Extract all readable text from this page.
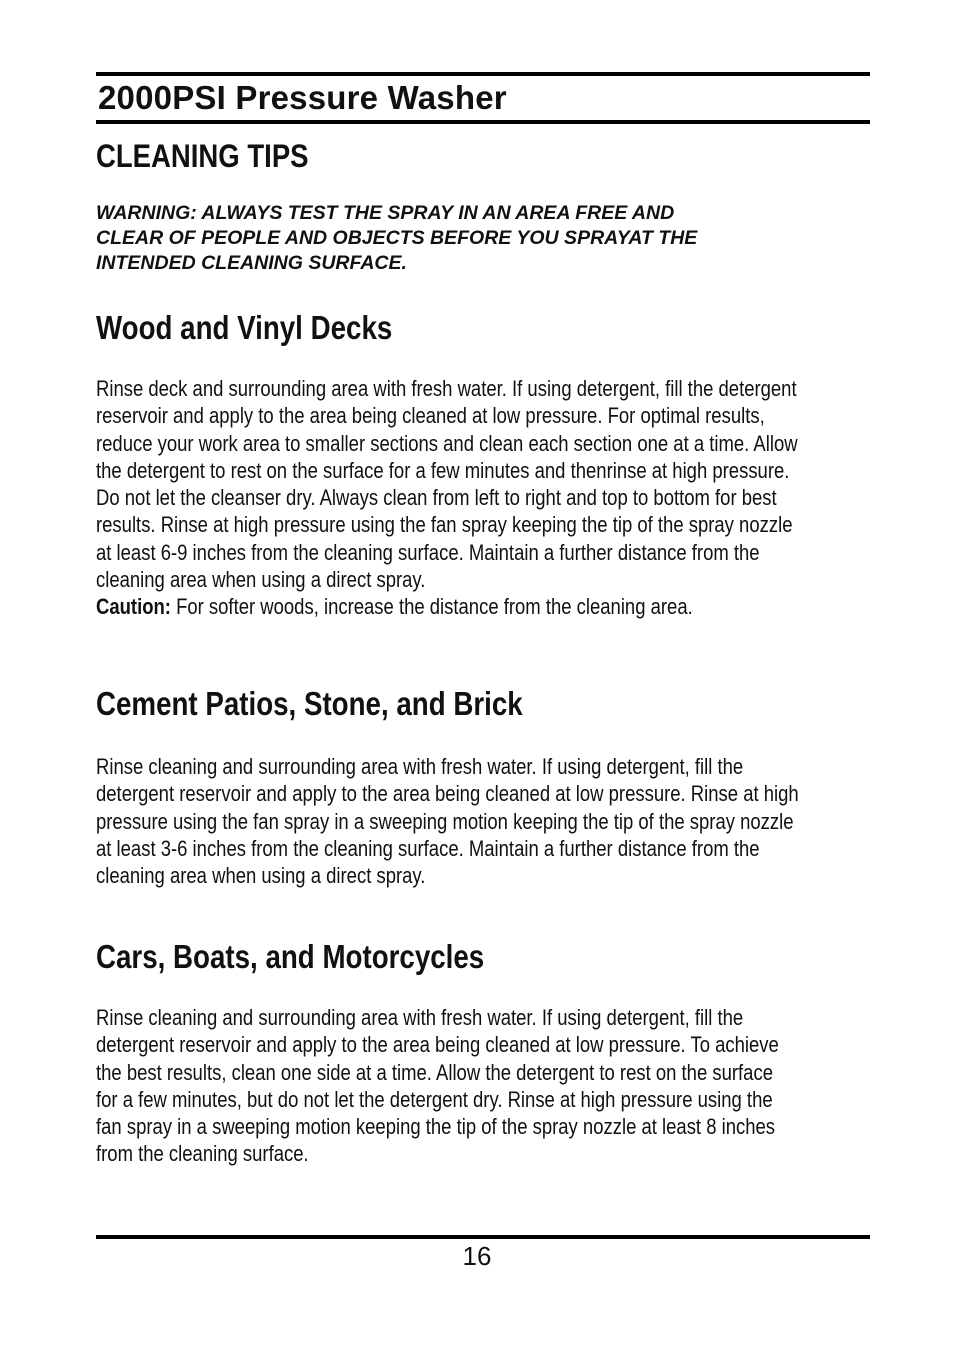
2000PSI Pressure Washer
CLEANING TIPS
WARNING: ALWAYS TEST THE SPRAY IN AN AREA FREE AND
CLEAR OF PEOPLE AND OBJECTS BEFORE YOU SPRAYAT THE
INTENDED CLEANING SURFACE.
Wood and Vinyl Decks
Rinse deck and surrounding area with fresh water. If using detergent, fill the detergent
reservoir and apply to the area being cleaned at low pressure. For optimal results,
reduce your work area to smaller sections and clean each section one at a time. Allow
the detergent to rest on the surface for a few minutes and thenrinse at high pressure.
Do not let the cleanser dry. Always clean from left to right and top to bottom for best
results. Rinse at high pressure using the fan spray keeping the tip of the spray nozzle
at least 6-9 inches from the cleaning surface. Maintain a further distance from the
cleaning area when using a direct spray.
Caution: For softer woods, increase the distance from the cleaning area.
Cement Patios, Stone, and Brick
Rinse cleaning and surrounding area with fresh water. If using detergent, fill the
detergent reservoir and apply to the area being cleaned at low pressure. Rinse at high
pressure using the fan spray in a sweeping motion keeping the tip of the spray nozzle
at least 3-6 inches from the cleaning surface. Maintain a further distance from the
cleaning area when using a direct spray.
Cars, Boats, and Motorcycles
Rinse cleaning and surrounding area with fresh water. If using detergent, fill the
detergent reservoir and apply to the area being cleaned at low pressure. To achieve
the best results, clean one side at a time. Allow the detergent to rest on the surface
for a few minutes, but do not let the detergent dry. Rinse at high pressure using the
fan spray in a sweeping motion keeping the tip of the spray nozzle at least 8 inches
from the cleaning surface.
16
